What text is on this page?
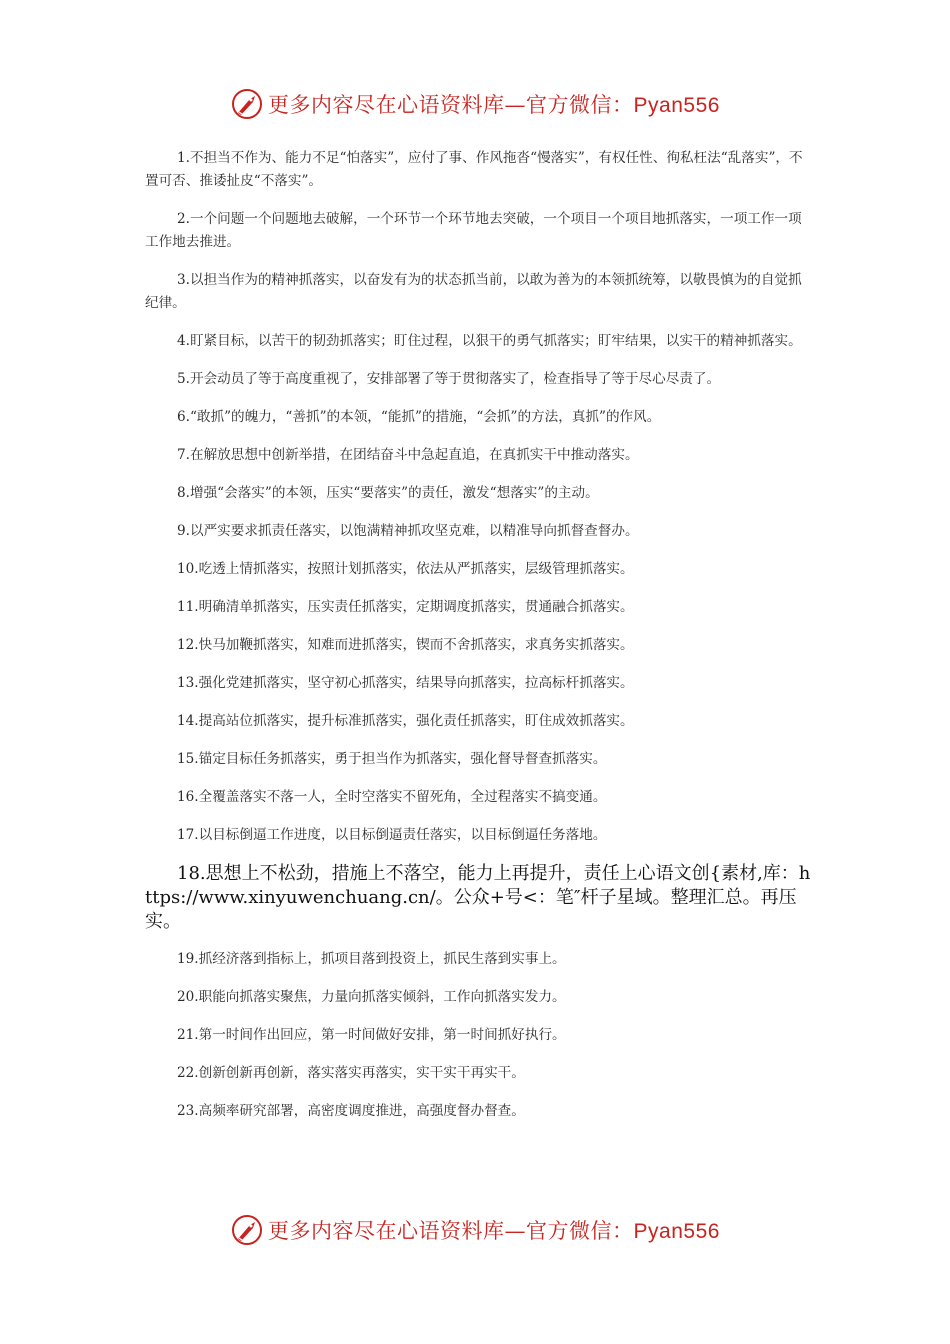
更多内容尽在心语资料库—官方微信：Pyan556

1.不担当不作为、能力不足“怕落实”，应付了事、作风拖沓“慢落实”，有权任性、徇私枉法“乱落实”，不置可否、推诿扯皮“不落实”。

2.一个问题一个问题地去破解，一个环节一个环节地去突破，一个项目一个项目地抓落实，一项工作一项工作地去推进。

3.以担当作为的精神抓落实，以奋发有为的状态抓当前，以敢为善为的本领抓统筹，以敬畏慎为的自觉抓纪律。

4.盯紧目标，以苦干的韧劲抓落实；盯住过程，以狠干的勇气抓落实；盯牢结果，以实干的精神抓落实。

5.开会动员了等于高度重视了，安排部署了等于贯彻落实了，检查指导了等于尽心尽责了。

6.“敢抓”的魄力，“善抓”的本领，“能抓”的措施，“会抓”的方法，真抓”的作风。

7.在解放思想中创新举措，在团结奋斗中急起直追，在真抓实干中推动落实。

8.增强“会落实”的本领，压实“要落实”的责任，激发“想落实”的主动。

9.以严实要求抓责任落实，以饱满精神抓攻坚克难，以精准导向抓督查督办。

10.吃透上情抓落实，按照计划抓落实，依法从严抓落实，层级管理抓落实。

11.明确清单抓落实，压实责任抓落实，定期调度抓落实，贯通融合抓落实。

12.快马加鞭抓落实，知难而进抓落实，锲而不舍抓落实，求真务实抓落实。

13.强化党建抓落实，坚守初心抓落实，结果导向抓落实，拉高标杆抓落实。

14.提高站位抓落实，提升标准抓落实，强化责任抓落实，盯住成效抓落实。

15.锚定目标任务抓落实，勇于担当作为抓落实，强化督导督查抓落实。

16.全覆盖落实不落一人，全时空落实不留死角，全过程落实不搞变通。

17.以目标倒逼工作进度，以目标倒逼责任落实，以目标倒逼任务落地。

18.思想上不松劲，措施上不落空，能力上再提升，责任上心语文创{素材,库：https://www.xinyuwenchuang.cn/。公众+号<：笔″杆子星域。整理汇总。再压实。

19.抓经济落到指标上，抓项目落到投资上，抓民生落到实事上。

20.职能向抓落实聚焦，力量向抓落实倾斜，工作向抓落实发力。

21.第一时间作出回应，第一时间做好安排，第一时间抓好执行。

22.创新创新再创新，落实落实再落实，实干实干再实干。

23.高频率研究部署，高密度调度推进，高强度督办督查。

更多内容尽在心语资料库—官方微信：Pyan556
